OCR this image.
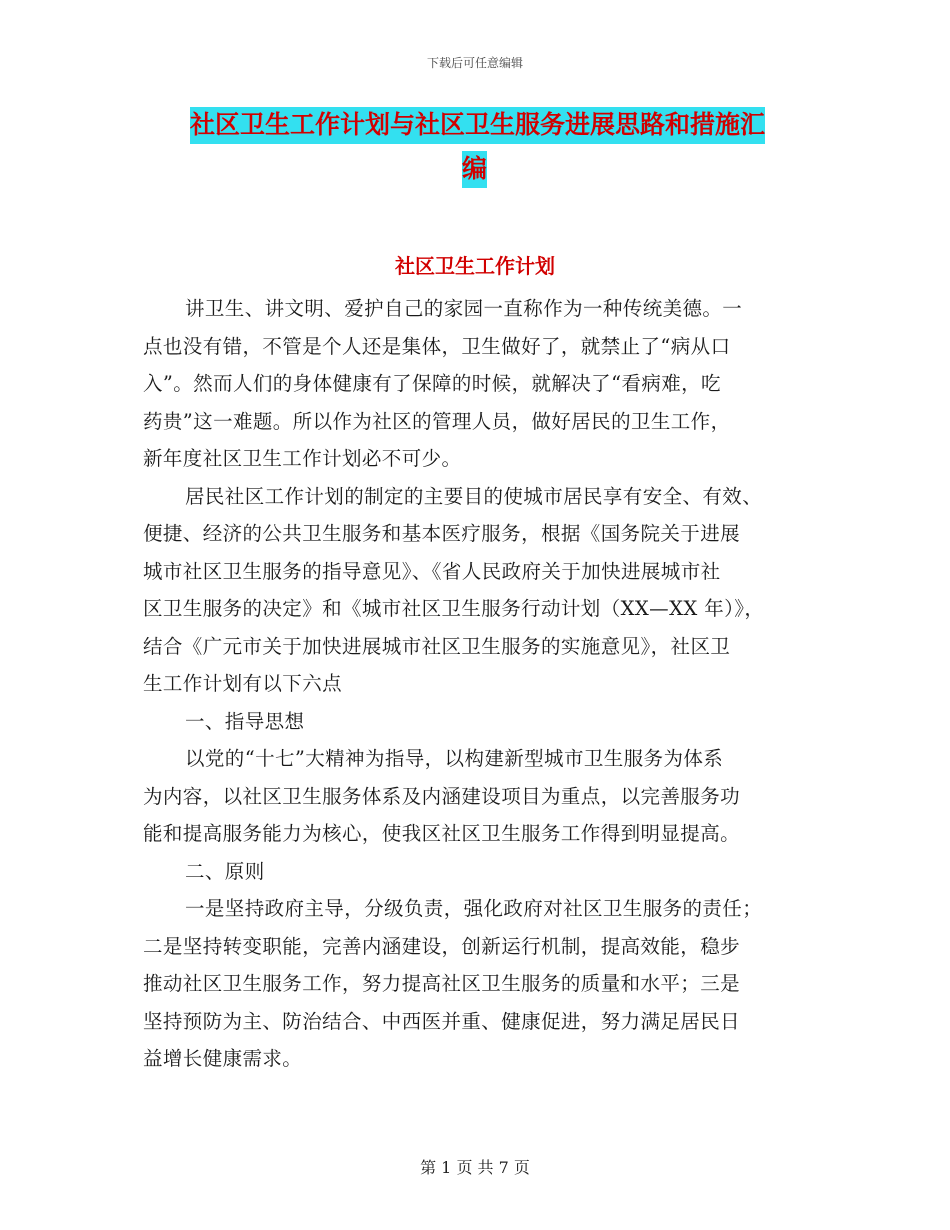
下载后可任意编辑
社区卫生工作计划与社区卫生服务进展思路和措施汇
编
社区卫生工作计划
讲卫生、讲文明、爱护自己的家园一直称作为一种传统美德。一
点也没有错，不管是个人还是集体，卫生做好了，就禁止了“病从口
入”。然而人们的身体健康有了保障的时候，就解决了“看病难，吃
药贵”这一难题。所以作为社区的管理人员，做好居民的卫生工作，
新年度社区卫生工作计划必不可少。
居民社区工作计划的制定的主要目的使城市居民享有安全、有效、
便捷、经济的公共卫生服务和基本医疗服务，根据《国务院关于进展
城市社区卫生服务的指导意见》、《省人民政府关于加快进展城市社
区卫生服务的决定》和《城市社区卫生服务行动计划（XX—XX 年）》，
结合《广元市关于加快进展城市社区卫生服务的实施意见》，社区卫
生工作计划有以下六点
一、指导思想
以党的“十七”大精神为指导，以构建新型城市卫生服务为体系
为内容，以社区卫生服务体系及内涵建设项目为重点，以完善服务功
能和提高服务能力为核心，使我区社区卫生服务工作得到明显提高。
二、原则
一是坚持政府主导，分级负责，强化政府对社区卫生服务的责任；
二是坚持转变职能，完善内涵建设，创新运行机制，提高效能，稳步
推动社区卫生服务工作，努力提高社区卫生服务的质量和水平；三是
坚持预防为主、防治结合、中西医并重、健康促进，努力满足居民日
益增长健康需求。
第 1 页 共 7 页
